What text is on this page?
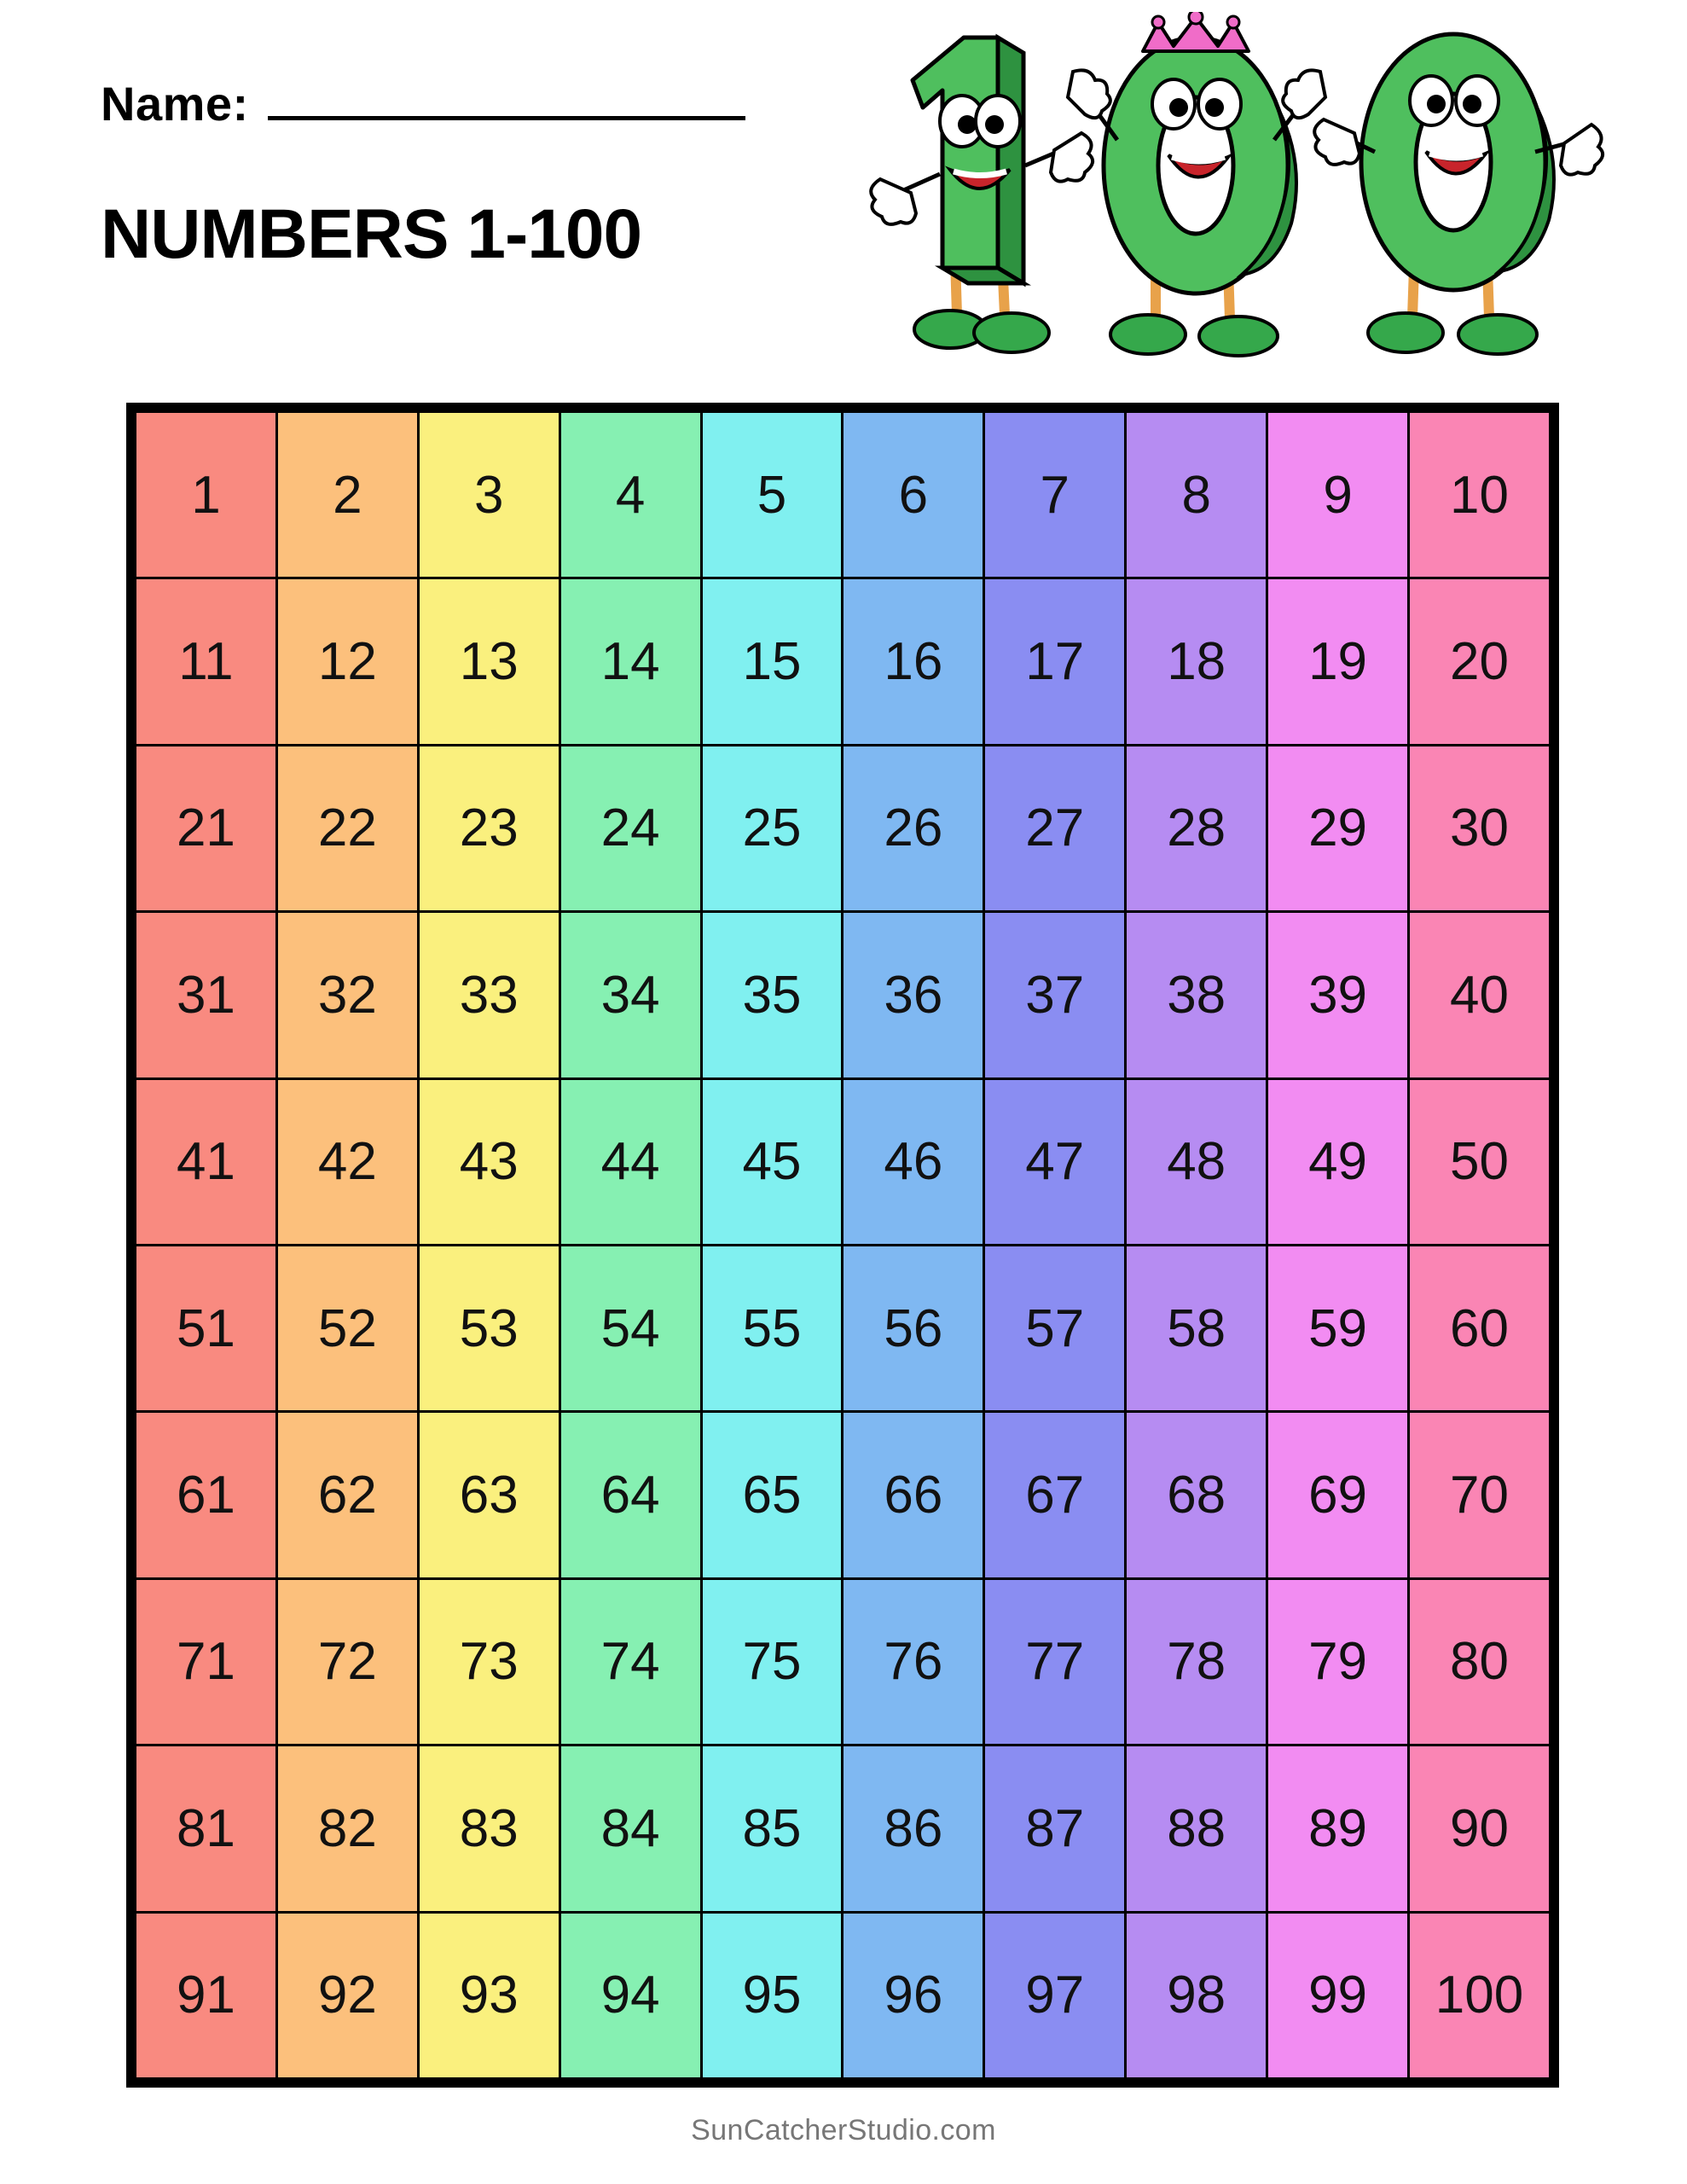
Name:
NUMBERS 1-100
1	2	3	4	5	6	7	8	9	10
11	12	13	14	15	16	17	18	19	20
21	22	23	24	25	26	27	28	29	30
31	32	33	34	35	36	37	38	39	40
41	42	43	44	45	46	47	48	49	50
51	52	53	54	55	56	57	58	59	60
61	62	63	64	65	66	67	68	69	70
71	72	73	74	75	76	77	78	79	80
81	82	83	84	85	86	87	88	89	90
91	92	93	94	95	96	97	98	99	100
SunCatcherStudio.com
